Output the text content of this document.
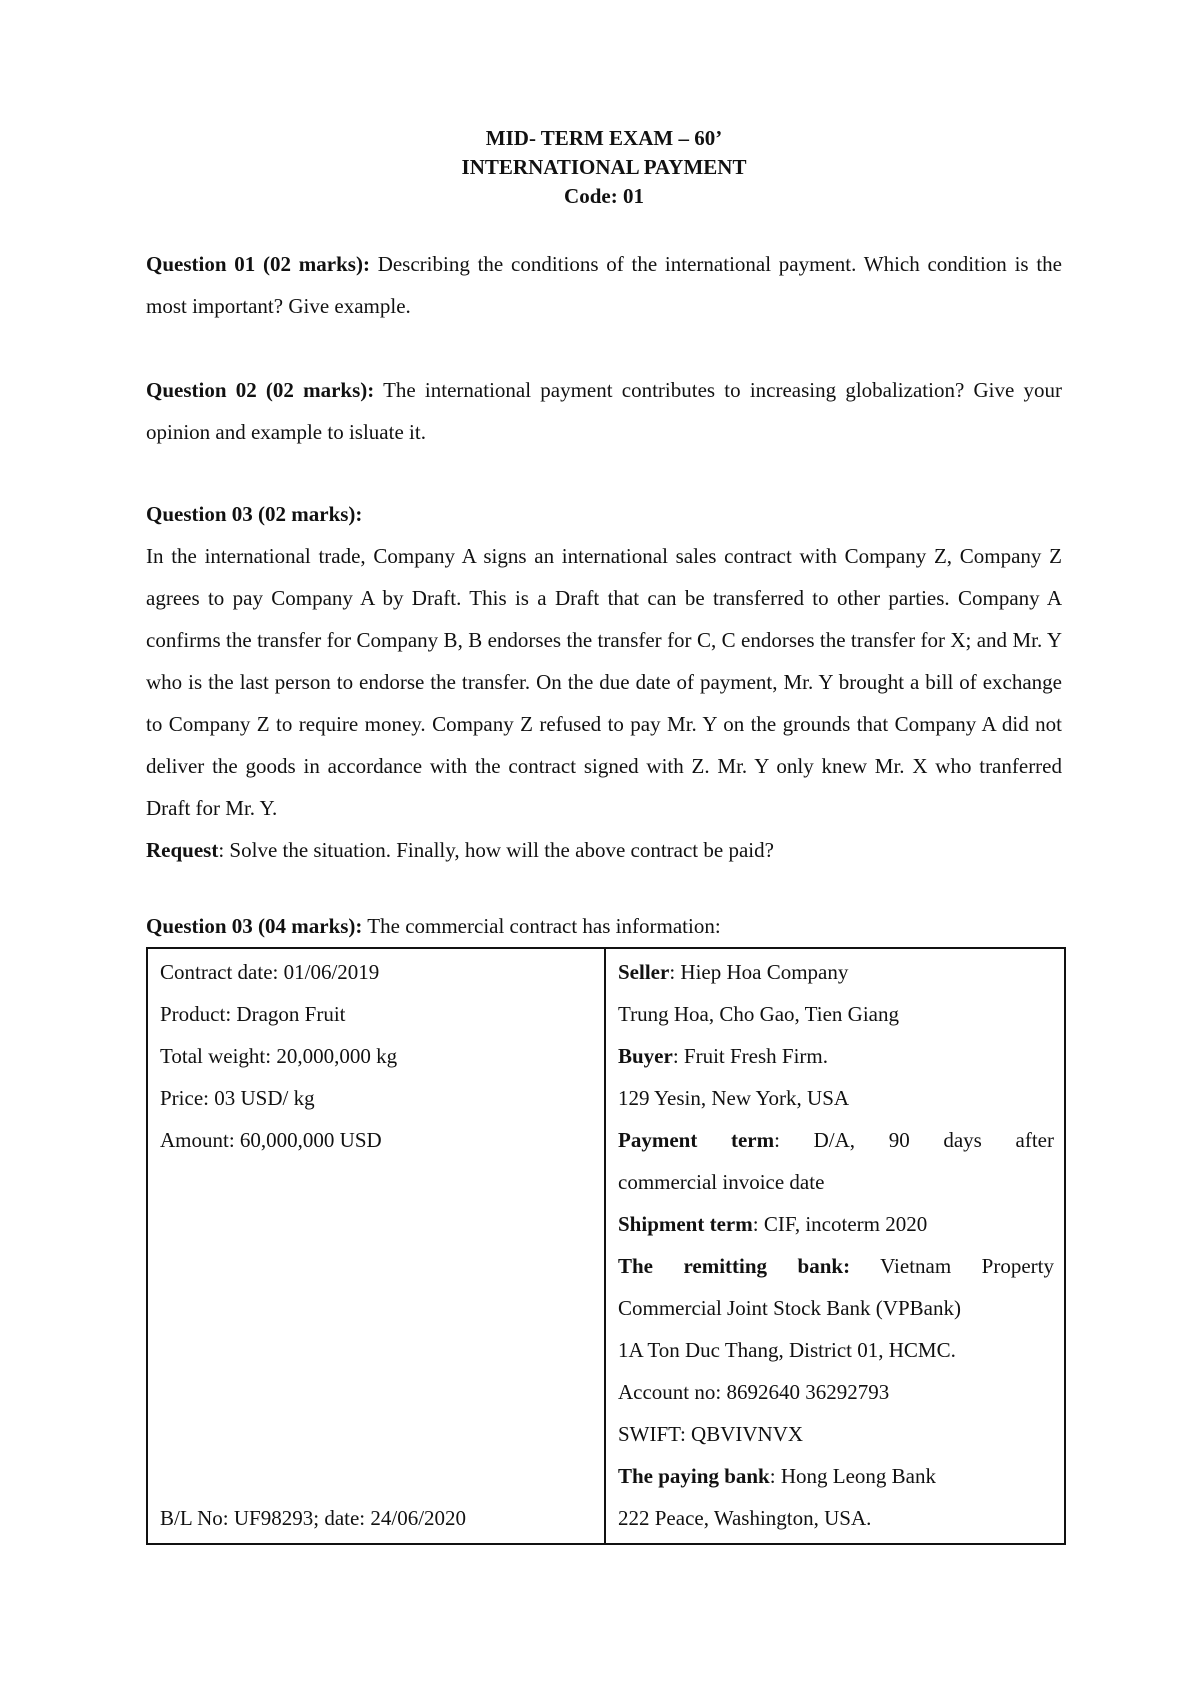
MID- TERM EXAM – 60’
INTERNATIONAL PAYMENT
Code: 01
Question 01 (02 marks): Describing the conditions of the international payment. Which condition is the most important? Give example.
Question 02 (02 marks): The international payment contributes to increasing globalization? Give your opinion and example to isluate it.
Question 03 (02 marks):
In the international trade, Company A signs an international sales contract with Company Z, Company Z agrees to pay Company A by Draft. This is a Draft that can be transferred to other parties. Company A confirms the transfer for Company B, B endorses the transfer for C, C endorses the transfer for X; and Mr. Y who is the last person to endorse the transfer. On the due date of payment, Mr. Y brought a bill of exchange to Company Z to require money. Company Z refused to pay Mr. Y on the grounds that Company A did not deliver the goods in accordance with the contract signed with Z. Mr. Y only knew Mr. X who tranferred Draft for Mr. Y.
Request: Solve the situation. Finally, how will the above contract be paid?
Question 03 (04 marks): The commercial contract has information:
Contract date: 01/06/2019
Product: Dragon Fruit
Total weight: 20,000,000 kg
Price: 03 USD/ kg
Amount: 60,000,000 USD
B/L No: UF98293; date: 24/06/2020

Seller: Hiep Hoa Company
Trung Hoa, Cho Gao, Tien Giang
Buyer: Fruit Fresh Firm.
129 Yesin, New York, USA
Payment term: D/A, 90 days after
commercial invoice date
Shipment term: CIF, incoterm 2020
The remitting bank: Vietnam Property
Commercial Joint Stock Bank (VPBank)
1A Ton Duc Thang, District 01, HCMC.
Account no: 8692640 36292793
SWIFT: QBVIVNVX
The paying bank: Hong Leong Bank
222 Peace, Washington, USA.
